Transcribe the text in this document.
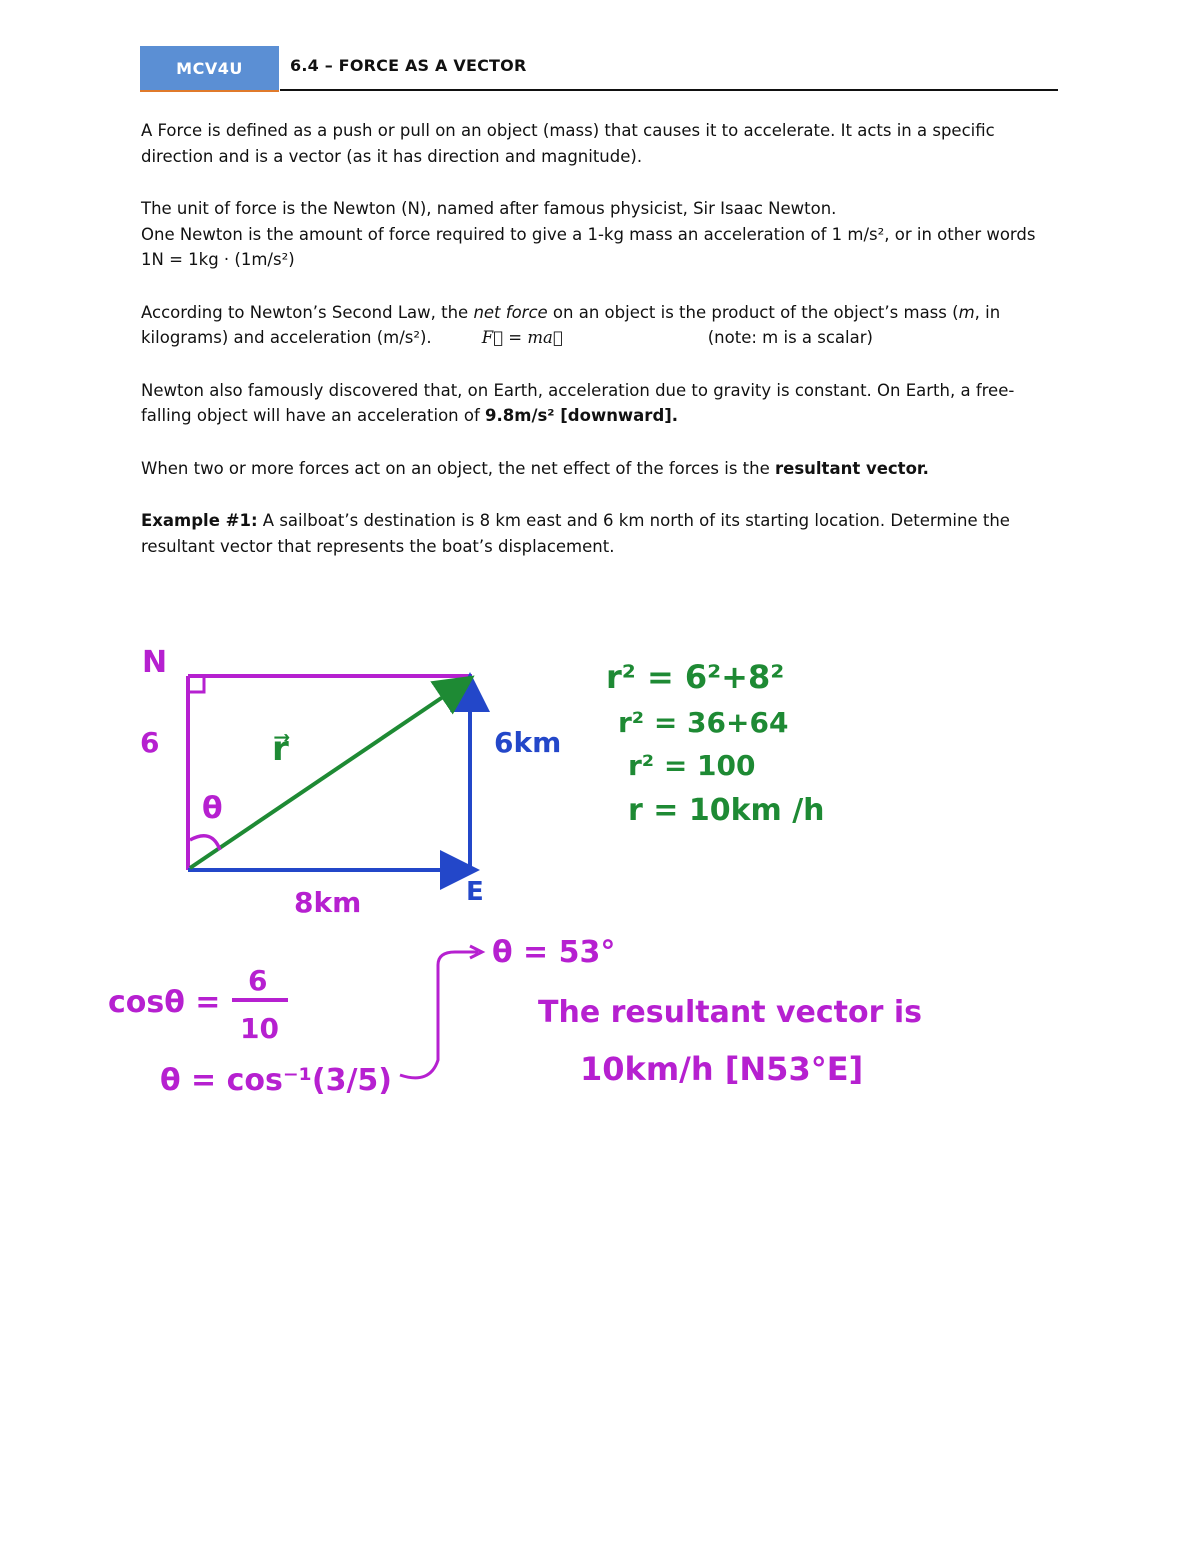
MCV4U	6.4 – FORCE AS A VECTOR

A Force is defined as a push or pull on an object (mass) that causes it to accelerate. It acts in a specific direction and is a vector (as it has direction and magnitude).

The unit of force is the Newton (N), named after famous physicist, Sir Isaac Newton.

One Newton is the amount of force required to give a 1-kg mass an acceleration of 1 m/s², or in other words 1N = 1kg · (1m/s²)

According to Newton’s Second Law, the net force on an object is the product of the object’s mass (m, in kilograms) and acceleration (m/s²).	F⃗ = ma⃗	(note: m is a scalar)

Newton also famously discovered that, on Earth, acceleration due to gravity is constant. On Earth, a free-falling object will have an acceleration of 9.8m/s² [downward].

When two or more forces act on an object, the net effect of the forces is the resultant vector.

Example #1: A sailboat’s destination is 8 km east and 6 km north of its starting location. Determine the resultant vector that represents the boat’s displacement.

N
6
θ
r⃗	6km
8km	E
r² = 6²+8²
r² = 36+64
r² = 100
r = 10km /h
cosθ =
6
10
θ = cos⁻¹(3/5)
θ = 53°
The resultant vector is
10km/h [N53°E]
